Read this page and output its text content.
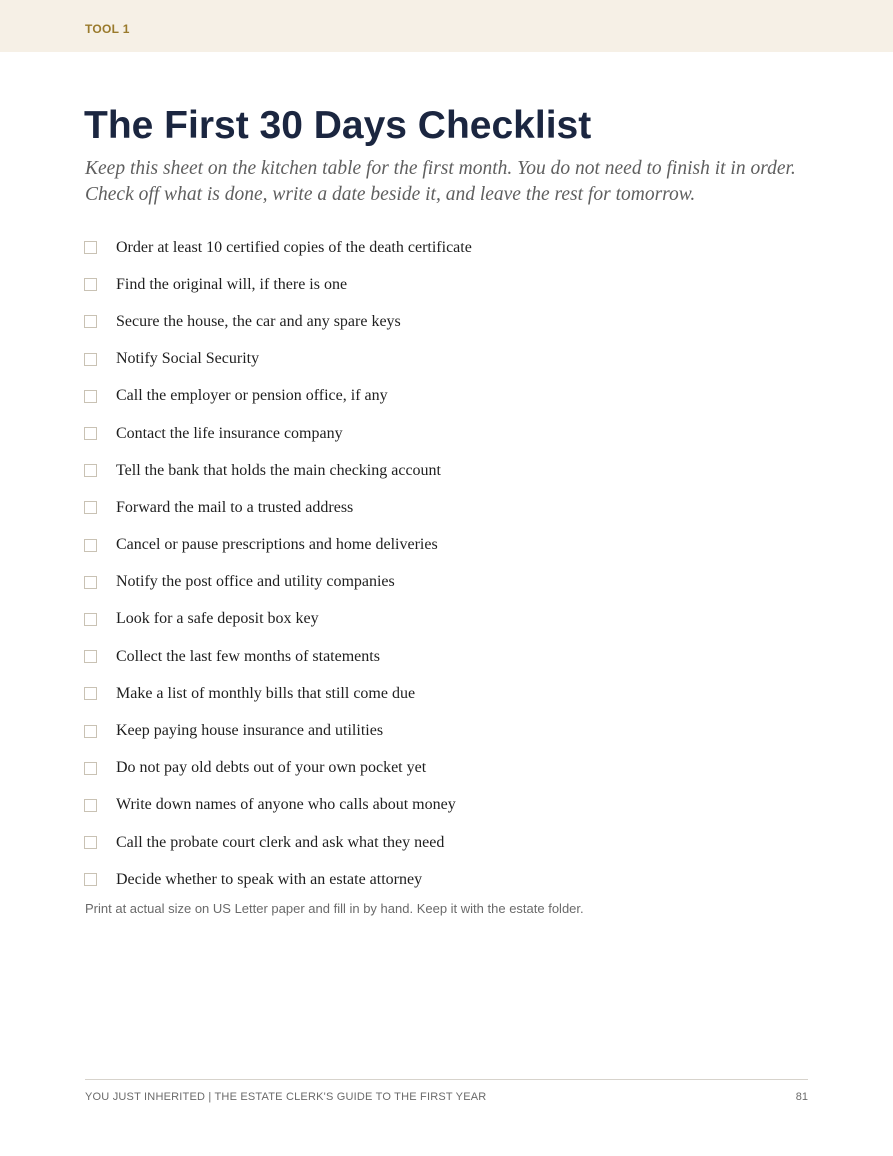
TOOL 1
The First 30 Days Checklist

Keep this sheet on the kitchen table for the first month. You do not need to finish it in order. Check off what is done, write a date beside it, and leave the rest for tomorrow.

Order at least 10 certified copies of the death certificate
Find the original will, if there is one
Secure the house, the car and any spare keys
Notify Social Security
Call the employer or pension office, if any
Contact the life insurance company
Tell the bank that holds the main checking account
Forward the mail to a trusted address
Cancel or pause prescriptions and home deliveries
Notify the post office and utility companies
Look for a safe deposit box key
Collect the last few months of statements
Make a list of monthly bills that still come due
Keep paying house insurance and utilities
Do not pay old debts out of your own pocket yet
Write down names of anyone who calls about money
Call the probate court clerk and ask what they need
Decide whether to speak with an estate attorney

Print at actual size on US Letter paper and fill in by hand. Keep it with the estate folder.

YOU JUST INHERITED | THE ESTATE CLERK'S GUIDE TO THE FIRST YEAR	81
